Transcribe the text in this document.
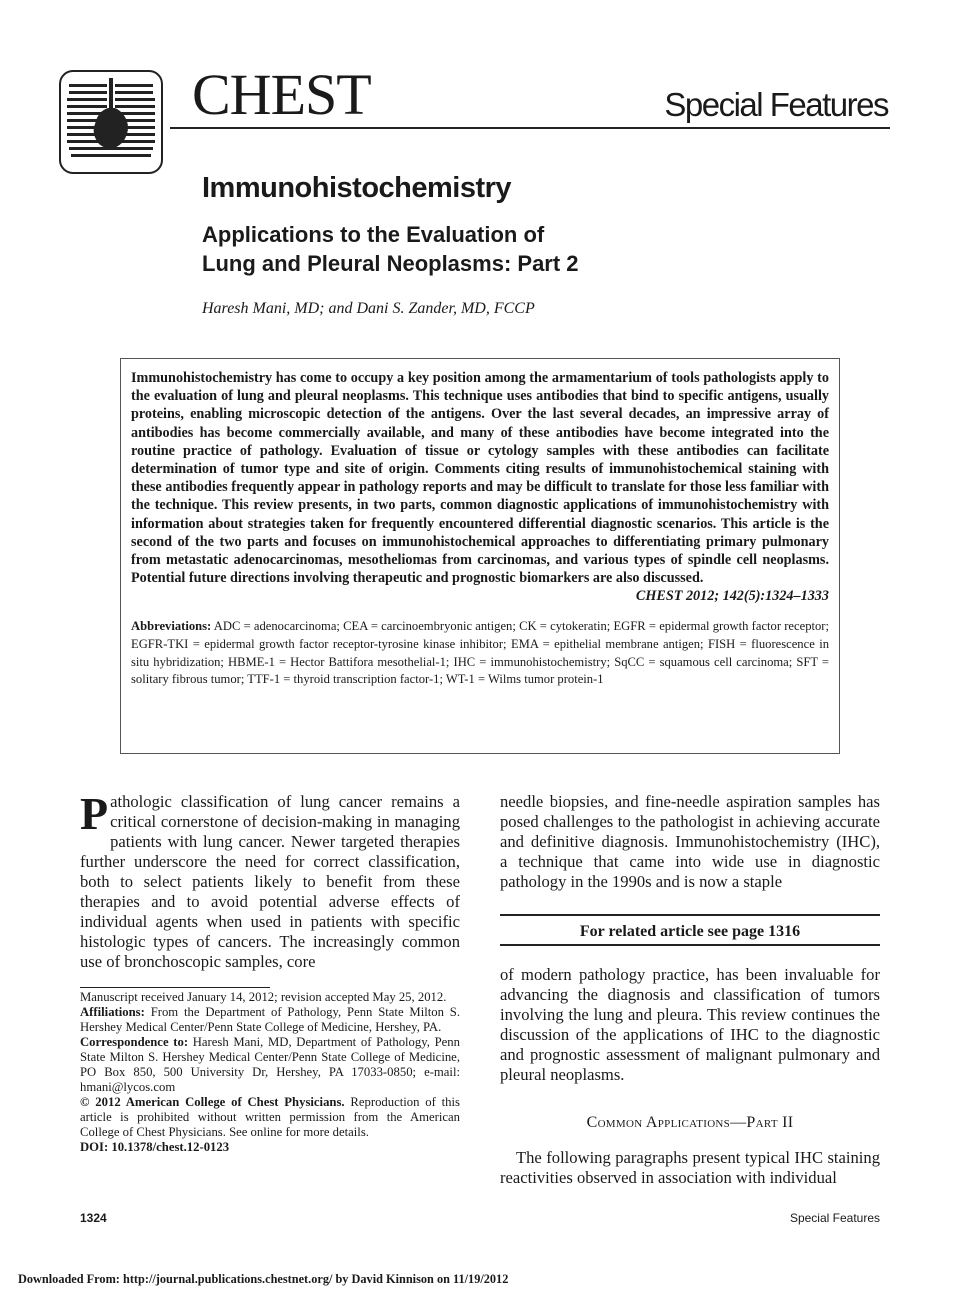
CHEST	Special Features
Immunohistochemistry
Applications to the Evaluation of
Lung and Pleural Neoplasms: Part 2
Haresh Mani, MD; and Dani S. Zander, MD, FCCP

Immunohistochemistry has come to occupy a key position among the armamentarium of tools pathologists apply to the evaluation of lung and pleural neoplasms. This technique uses antibodies that bind to specific antigens, usually proteins, enabling microscopic detection of the antigens. Over the last several decades, an impressive array of antibodies has become commercially available, and many of these antibodies have become integrated into the routine practice of pathology. Evaluation of tissue or cytology samples with these antibodies can facilitate determination of tumor type and site of origin. Comments citing results of immunohistochemical staining with these antibodies frequently appear in pathology reports and may be difficult to translate for those less familiar with the technique. This review presents, in two parts, common diagnostic applications of immunohistochemistry with information about strategies taken for frequently encountered differential diagnostic scenarios. This article is the second of the two parts and focuses on immunohistochemical approaches to differentiating primary pulmonary from metastatic adenocarcinomas, mesotheliomas from carcinomas, and various types of spindle cell neoplasms. Potential future directions involving therapeutic and prognostic biomarkers are also discussed.

CHEST 2012; 142(5):1324–1333

Abbreviations: ADC = adenocarcinoma; CEA = carcinoembryonic antigen; CK = cytokeratin; EGFR = epidermal growth factor receptor; EGFR-TKI = epidermal growth factor receptor-tyrosine kinase inhibitor; EMA = epithelial membrane antigen; FISH = fluorescence in situ hybridization; HBME-1 = Hector Battifora mesothelial-1; IHC = immunohistochemistry; SqCC = squamous cell carcinoma; SFT = solitary fibrous tumor; TTF-1 = thyroid transcription factor-1; WT-1 = Wilms tumor protein-1

Pathologic classification of lung cancer remains a critical cornerstone of decision-making in managing patients with lung cancer. Newer targeted therapies further underscore the need for correct classification, both to select patients likely to benefit from these therapies and to avoid potential adverse effects of individual agents when used in patients with specific histologic types of cancers. The increasingly common use of bronchoscopic samples, core

Manuscript received January 14, 2012; revision accepted May 25, 2012.

Affiliations: From the Department of Pathology, Penn State Milton S. Hershey Medical Center/Penn State College of Medicine, Hershey, PA.

Correspondence to: Haresh Mani, MD, Department of Pathology, Penn State Milton S. Hershey Medical Center/Penn State College of Medicine, PO Box 850, 500 University Dr, Hershey, PA 17033-0850; e-mail: hmani@lycos.com

© 2012 American College of Chest Physicians. Reproduction of this article is prohibited without written permission from the American College of Chest Physicians. See online for more details.

DOI: 10.1378/chest.12-0123

needle biopsies, and fine-needle aspiration samples has posed challenges to the pathologist in achieving accurate and definitive diagnosis. Immunohistochemistry (IHC), a technique that came into wide use in diagnostic pathology in the 1990s and is now a staple
For related article see page 1316
of modern pathology practice, has been invaluable for advancing the diagnosis and classification of tumors involving the lung and pleura. This review continues the discussion of the applications of IHC to the diagnostic and prognostic assessment of malignant pulmonary and pleural neoplasms.
Common Applications—Part II
The following paragraphs present typical IHC staining reactivities observed in association with individual
1324	Special Features
Downloaded From: http://journal.publications.chestnet.org/ by David Kinnison on 11/19/2012
